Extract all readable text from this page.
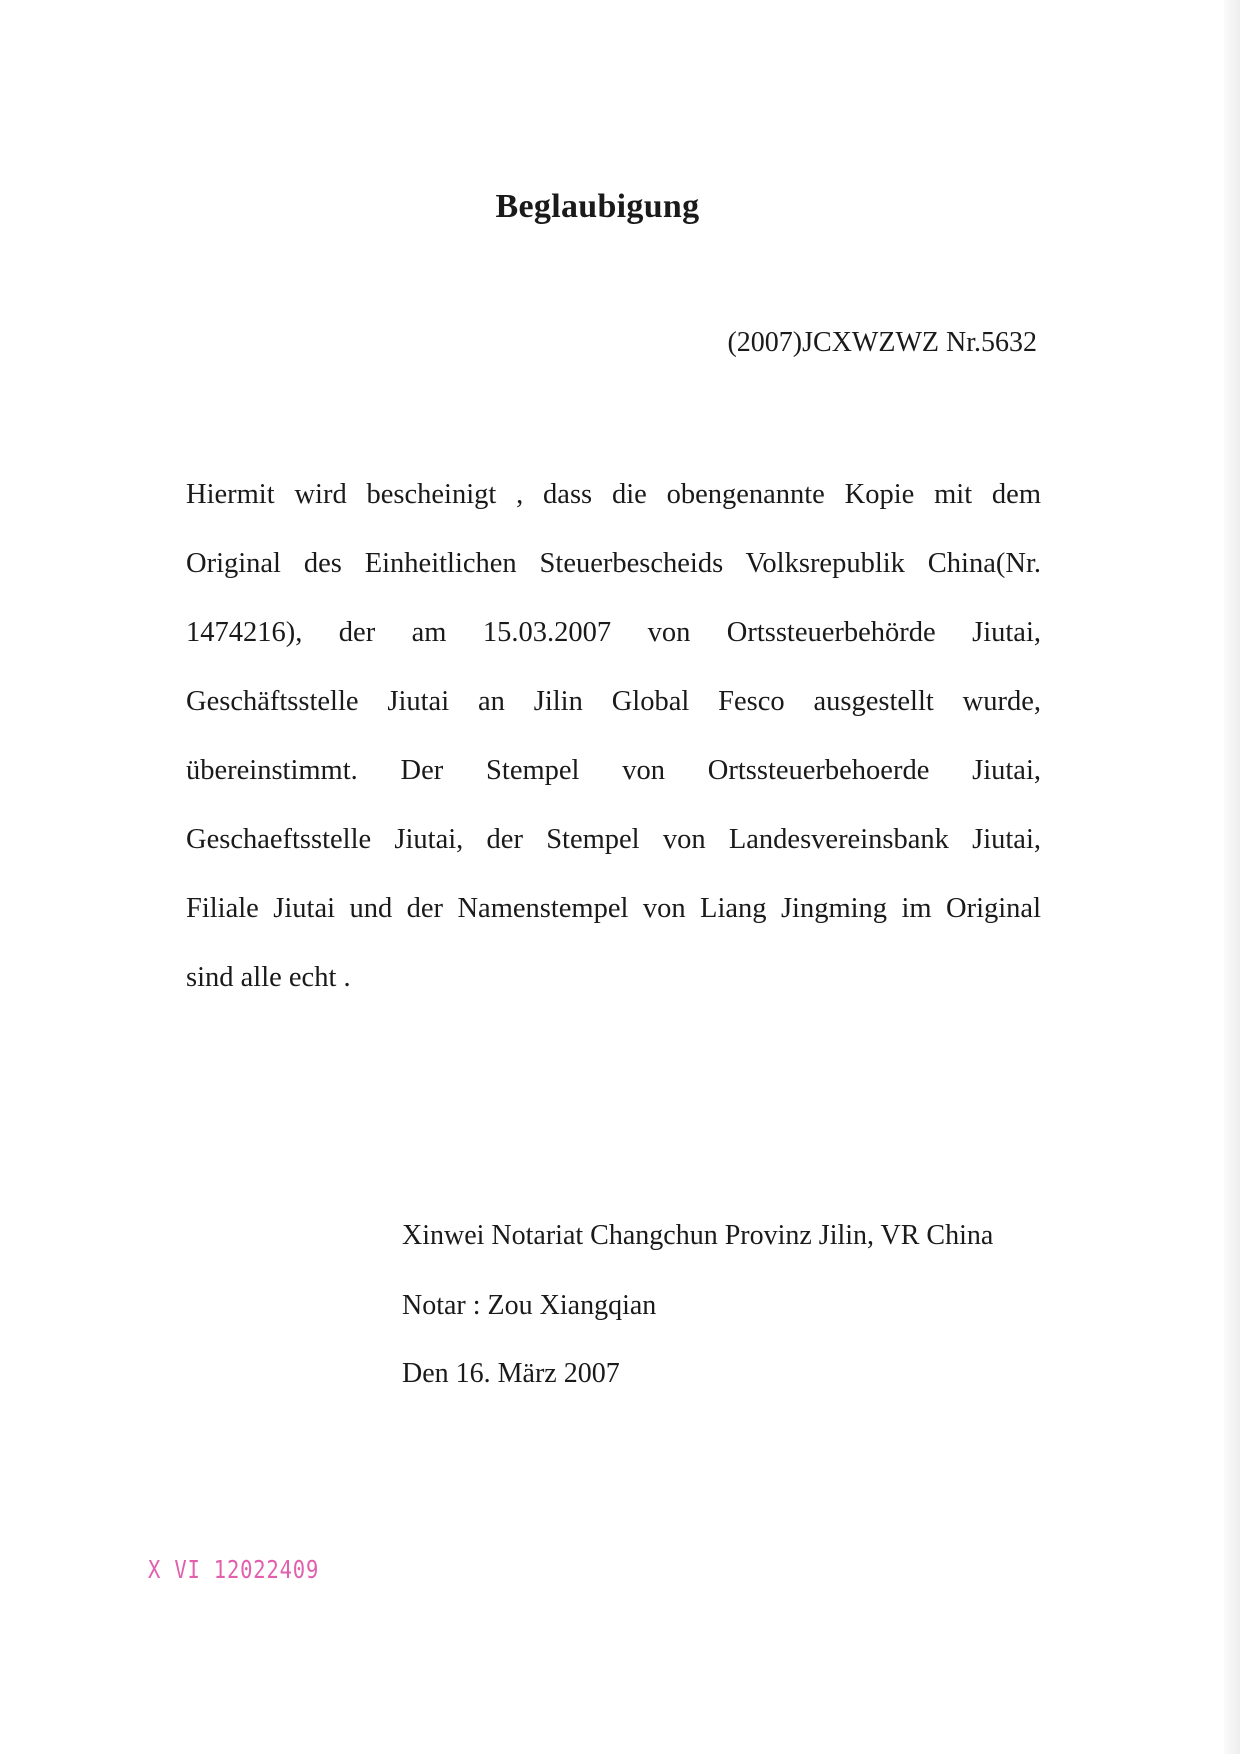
Beglaubigung
(2007)JCXWZWZ Nr.5632
Hiermit wird bescheinigt , dass die obengenannte Kopie mit dem
Original des Einheitlichen Steuerbescheids Volksrepublik China(Nr.
1474216), der am 15.03.2007 von Ortssteuerbehörde Jiutai,
Geschäftsstelle Jiutai an Jilin Global Fesco ausgestellt wurde,
übereinstimmt. Der Stempel von Ortssteuerbehoerde Jiutai,
Geschaeftsstelle Jiutai, der Stempel von Landesvereinsbank Jiutai,
Filiale Jiutai und der Namenstempel von Liang Jingming im Original
sind alle echt .
Xinwei Notariat Changchun Provinz Jilin, VR China
Notar : Zou Xiangqian
Den 16. März 2007
X VI 12022409
